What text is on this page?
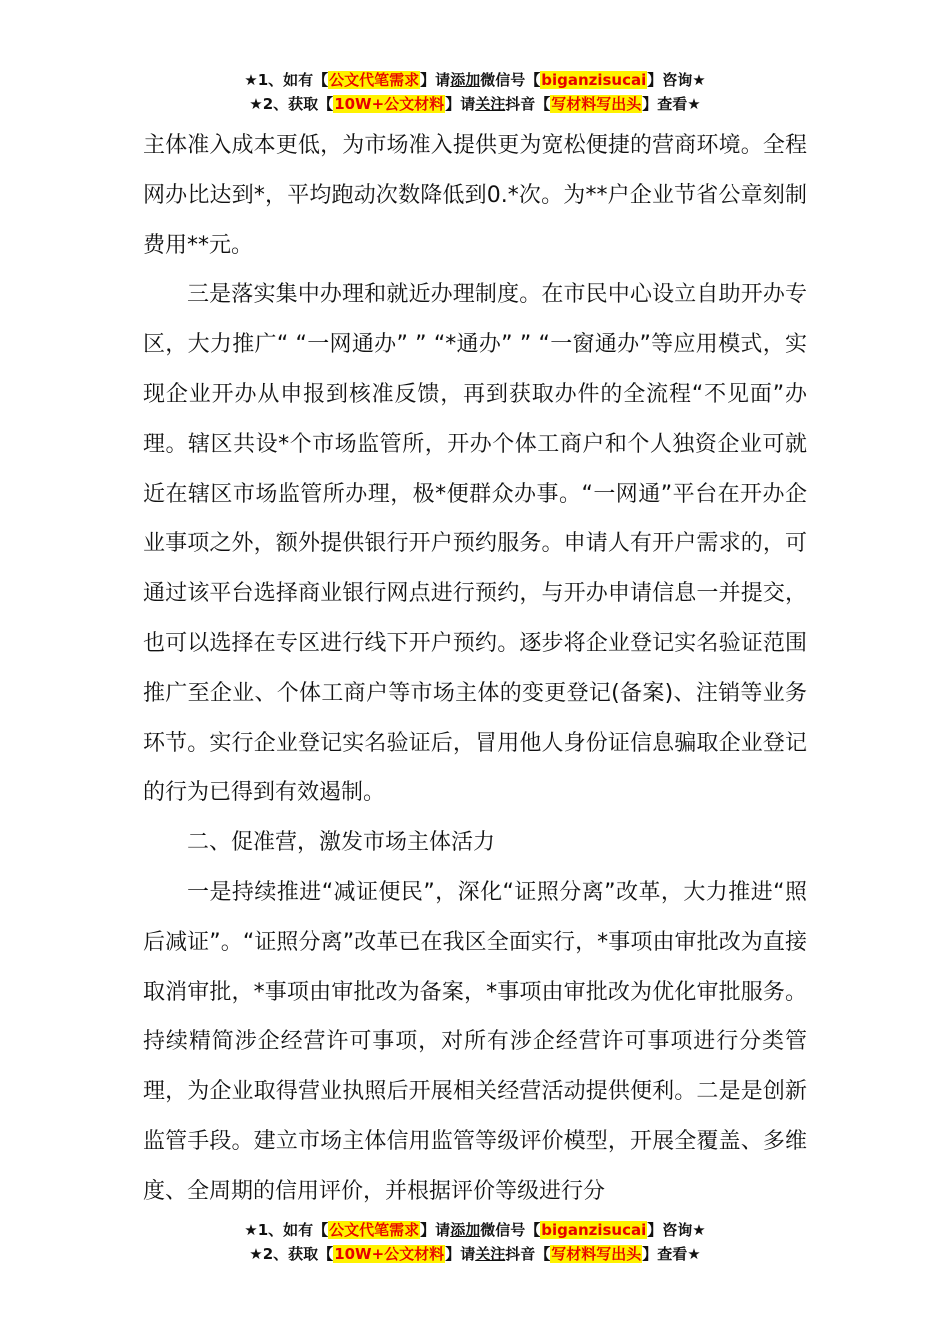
★1、如有【公文代笔需求】请添加微信号【biganzisucai】咨询★
★2、获取【10W+公文材料】请关注抖音【写材料写出头】查看★

主体准入成本更低，为市场准入提供更为宽松便捷的营商环境。全程网办比达到*，平均跑动次数降低到0.*次。为**户企业节省公章刻制费用**元。

三是落实集中办理和就近办理制度。在市民中心设立自助开办专区，大力推广“ “一网通办” ” “*通办” ” “一窗通办”等应用模式，实现企业开办从申报到核准反馈，再到获取办件的全流程“不见面”办理。辖区共设*个市场监管所，开办个体工商户和个人独资企业可就近在辖区市场监管所办理，极*便群众办事。“一网通”平台在开办企业事项之外，额外提供银行开户预约服务。申请人有开户需求的，可通过该平台选择商业银行网点进行预约，与开办申请信息一并提交，也可以选择在专区进行线下开户预约。逐步将企业登记实名验证范围推广至企业、个体工商户等市场主体的变更登记(备案)、注销等业务环节。实行企业登记实名验证后，冒用他人身份证信息骗取企业登记的行为已得到有效遏制。

二、促准营，激发市场主体活力

一是持续推进“减证便民”，深化“证照分离”改革，大力推进“照后减证”。“证照分离”改革已在我区全面实行，*事项由审批改为直接取消审批，*事项由审批改为备案，*事项由审批改为优化审批服务。持续精简涉企经营许可事项，对所有涉企经营许可事项进行分类管理，为企业取得营业执照后开展相关经营活动提供便利。二是是创新监管手段。建立市场主体信用监管等级评价模型，开展全覆盖、多维度、全周期的信用评价，并根据评价等级进行分

★1、如有【公文代笔需求】请添加微信号【biganzisucai】咨询★
★2、获取【10W+公文材料】请关注抖音【写材料写出头】查看★
